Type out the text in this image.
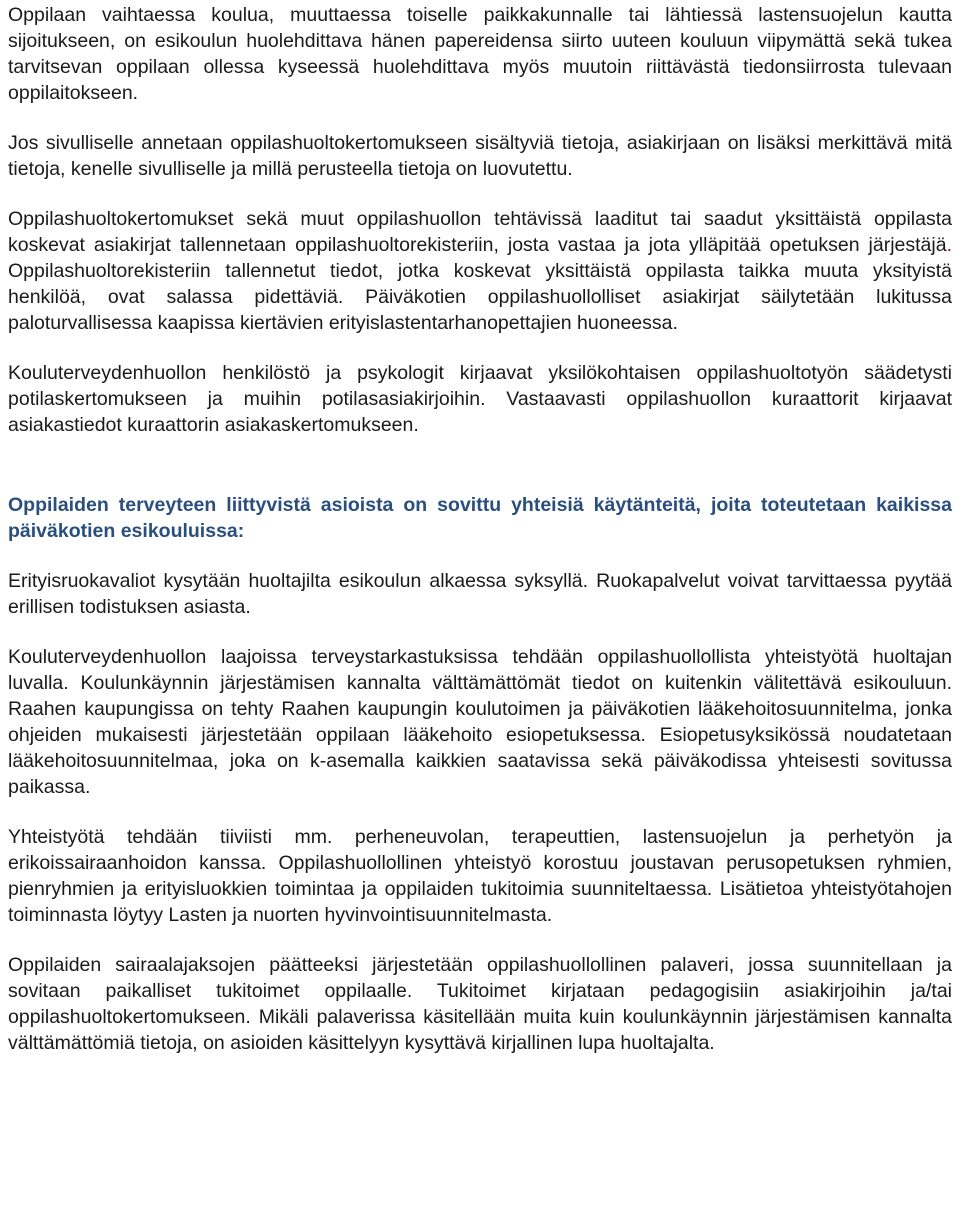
Oppilaan vaihtaessa koulua, muuttaessa toiselle paikkakunnalle tai lähtiessä lastensuojelun kautta sijoitukseen, on esikoulun huolehdittava hänen papereidensa siirto uuteen kouluun viipymättä sekä tukea tarvitsevan oppilaan ollessa kyseessä huolehdittava myös muutoin riittävästä tiedonsiirrosta tulevaan oppilaitokseen.

Jos sivulliselle annetaan oppilashuoltokertomukseen sisältyviä tietoja, asiakirjaan on lisäksi merkittävä mitä tietoja, kenelle sivulliselle ja millä perusteella tietoja on luovutettu.

Oppilashuoltokertomukset sekä muut oppilashuollon tehtävissä laaditut tai saadut yksittäistä oppilasta koskevat asiakirjat tallennetaan oppilashuoltorekisteriin, josta vastaa ja jota ylläpitää opetuksen järjestäjä. Oppilashuoltorekisteriin tallennetut tiedot, jotka koskevat yksittäistä oppilasta taikka muuta yksityistä henkilöä, ovat salassa pidettäviä. Päiväkotien oppilashuollolliset asiakirjat säilytetään lukitussa paloturvallisessa kaapissa kiertävien erityislastentarhanopettajien huoneessa.

Kouluterveydenhuollon henkilöstö ja psykologit kirjaavat yksilökohtaisen oppilashuoltotyön säädetysti potilaskertomukseen ja muihin potilasasiakirjoihin. Vastaavasti oppilashuollon kuraattorit kirjaavat asiakastiedot kuraattorin asiakaskertomukseen.

Oppilaiden terveyteen liittyvistä asioista on sovittu yhteisiä käytänteitä, joita toteutetaan kaikissa päiväkotien esikouluissa:

Erityisruokavaliot kysytään huoltajilta esikoulun alkaessa syksyllä. Ruokapalvelut voivat tarvittaessa pyytää erillisen todistuksen asiasta.

Kouluterveydenhuollon laajoissa terveystarkastuksissa tehdään oppilashuollollista yhteistyötä huoltajan luvalla. Koulunkäynnin järjestämisen kannalta välttämättömät tiedot on kuitenkin välitettävä esikouluun. Raahen kaupungissa on tehty Raahen kaupungin koulutoimen ja päiväkotien lääkehoitosuunnitelma, jonka ohjeiden mukaisesti järjestetään oppilaan lääkehoito esiopetuksessa. Esiopetusyksikössä noudatetaan lääkehoitosuunnitelmaa, joka on k-asemalla kaikkien saatavissa sekä päiväkodissa yhteisesti sovitussa paikassa.

Yhteistyötä tehdään tiiviisti mm. perheneuvolan, terapeuttien, lastensuojelun ja perhetyön ja erikoissairaanhoidon kanssa. Oppilashuollollinen yhteistyö korostuu joustavan perusopetuksen ryhmien, pienryhmien ja erityisluokkien toimintaa ja oppilaiden tukitoimia suunniteltaessa. Lisätietoa yhteistyötahojen toiminnasta löytyy Lasten ja nuorten hyvinvointisuunnitelmasta.

Oppilaiden sairaalajaksojen päätteeksi järjestetään oppilashuollollinen palaveri, jossa suunnitellaan ja sovitaan paikalliset tukitoimet oppilaalle. Tukitoimet kirjataan pedagogisiin asiakirjoihin ja/tai oppilashuoltokertomukseen. Mikäli palaverissa käsitellään muita kuin koulunkäynnin järjestämisen kannalta välttämättömiä tietoja, on asioiden käsittelyyn kysyttävä kirjallinen lupa huoltajalta.
